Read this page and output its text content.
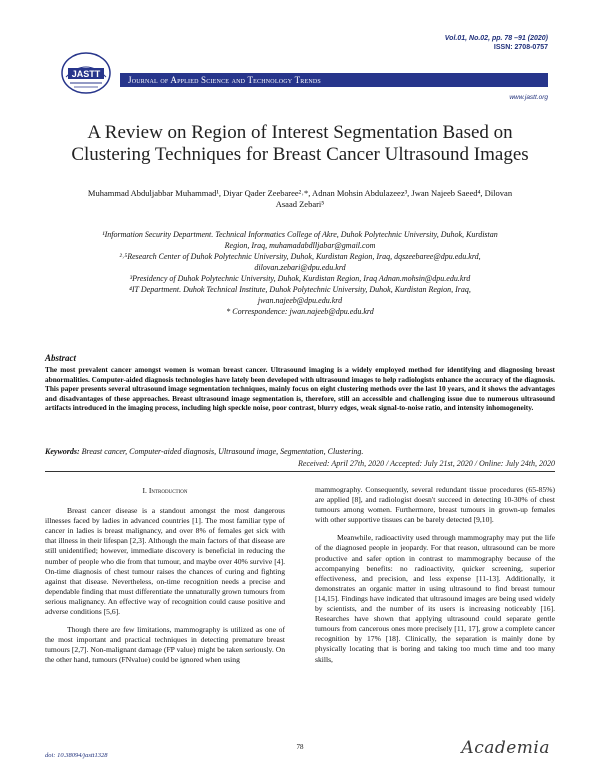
Vol.01, No.02, pp. 78 –91 (2020)
ISSN: 2708-0757
JASTT
Journal of Applied Science and Technology Trends
www.jastt.org
A Review on Region of Interest Segmentation Based on
Clustering Techniques for Breast Cancer Ultrasound Images
Muhammad Abduljabbar Muhammad¹, Diyar Qader Zeebaree²˒*, Adnan Mohsin Abdulazeez³, Jwan Najeeb Saeed⁴, Dilovan
Asaad Zebari⁵
¹Information Security Department. Technical Informatics College of Akre, Duhok Polytechnic University, Duhok, Kurdistan
Region, Iraq, muhamadabdlljabar@gmail.com
²˒⁵Research Center of Duhok Polytechnic University, Duhok, Kurdistan Region, Iraq, dqszeebaree@dpu.edu.krd,
dilovan.zebari@dpu.edu.krd
³Presidency of Duhok Polytechnic University, Duhok, Kurdistan Region, Iraq Adnan.mohsin@dpu.edu.krd
⁴IT Department. Duhok Technical Institute, Duhok Polytechnic University, Duhok, Kurdistan Region, Iraq,
jwan.najeeb@dpu.edu.krd
* Correspondence: jwan.najeeb@dpu.edu.krd
Abstract
The most prevalent cancer amongst women is woman breast cancer. Ultrasound imaging is a widely employed method for identifying and diagnosing breast abnormalities. Computer-aided diagnosis technologies have lately been developed with ultrasound images to help radiologists enhance the accuracy of the diagnosis. This paper presents several ultrasound image segmentation techniques, mainly focus on eight clustering methods over the last 10 years, and it shows the advantages and disadvantages of these approaches. Breast ultrasound image segmentation is, therefore, still an accessible and challenging issue due to numerous ultrasound artifacts introduced in the imaging process, including high speckle noise, poor contrast, blurry edges, weak signal-to-noise ratio, and intensity inhomogeneity.
Keywords: Breast cancer, Computer-aided diagnosis, Ultrasound image, Segmentation, Clustering.
Received: April 27th, 2020 / Accepted: July 21st, 2020 / Online: July 24th, 2020
I. Introduction

Breast cancer disease is a standout amongst the most dangerous illnesses faced by ladies in advanced countries [1]. The most familiar type of cancer in ladies is breast malignancy, and over 8% of females get sick with that illness in their lifespan [2,3]. Although the main factors of that disease are still unidentified; however, immediate discovery is beneficial in reducing the number of people who die from that tumour, and maybe over 40% survive [4]. On-time diagnosis of chest tumour raises the chances of curing and fighting against that disease. Nevertheless, on-time recognition needs a precise and dependable finding that must differentiate the unnaturally grown tumours from serious malignancy. An effective way of recognition could cause positive and adverse conditions [5,6].

Though there are few limitations, mammography is utilized as one of the most important and practical techniques in detecting premature breast tumours [2,7]. Non-malignant damage (FP value) might be taken seriously. On the other hand, tumours (FNvalue) could be ignored when using

mammography. Consequently, several redundant tissue procedures (65-85%) are applied [8], and radiologist doesn't succeed in detecting 10-30% of chest tumours among women. Furthermore, breast tumours in grown-up females with other supportive tissues can be barely detected [9,10].

Meanwhile, radioactivity used through mammography may put the life of the diagnosed people in jeopardy. For that reason, ultrasound can be more productive and safer option in contrast to mammography because of the accompanying benefits: no radioactivity, quicker screening, superior effectiveness, and precision, and less expense [11-13]. Additionally, it demonstrates an organic matter in using ultrasound to find breast tumour [14,15]. Findings have indicated that ultrasound images are being used widely by scientists, and the number of its users is increasing noticeably [16]. Researches have shown that applying ultrasound could separate gentle tumours from cancerous ones more precisely [11, 17], grow a complete cancer recognition by 17% [18]. Clinically, the separation is mainly done by physically locating that is boring and taking too much time and too many skills,

78
doi: 10.38094/jastt1328	Academia
